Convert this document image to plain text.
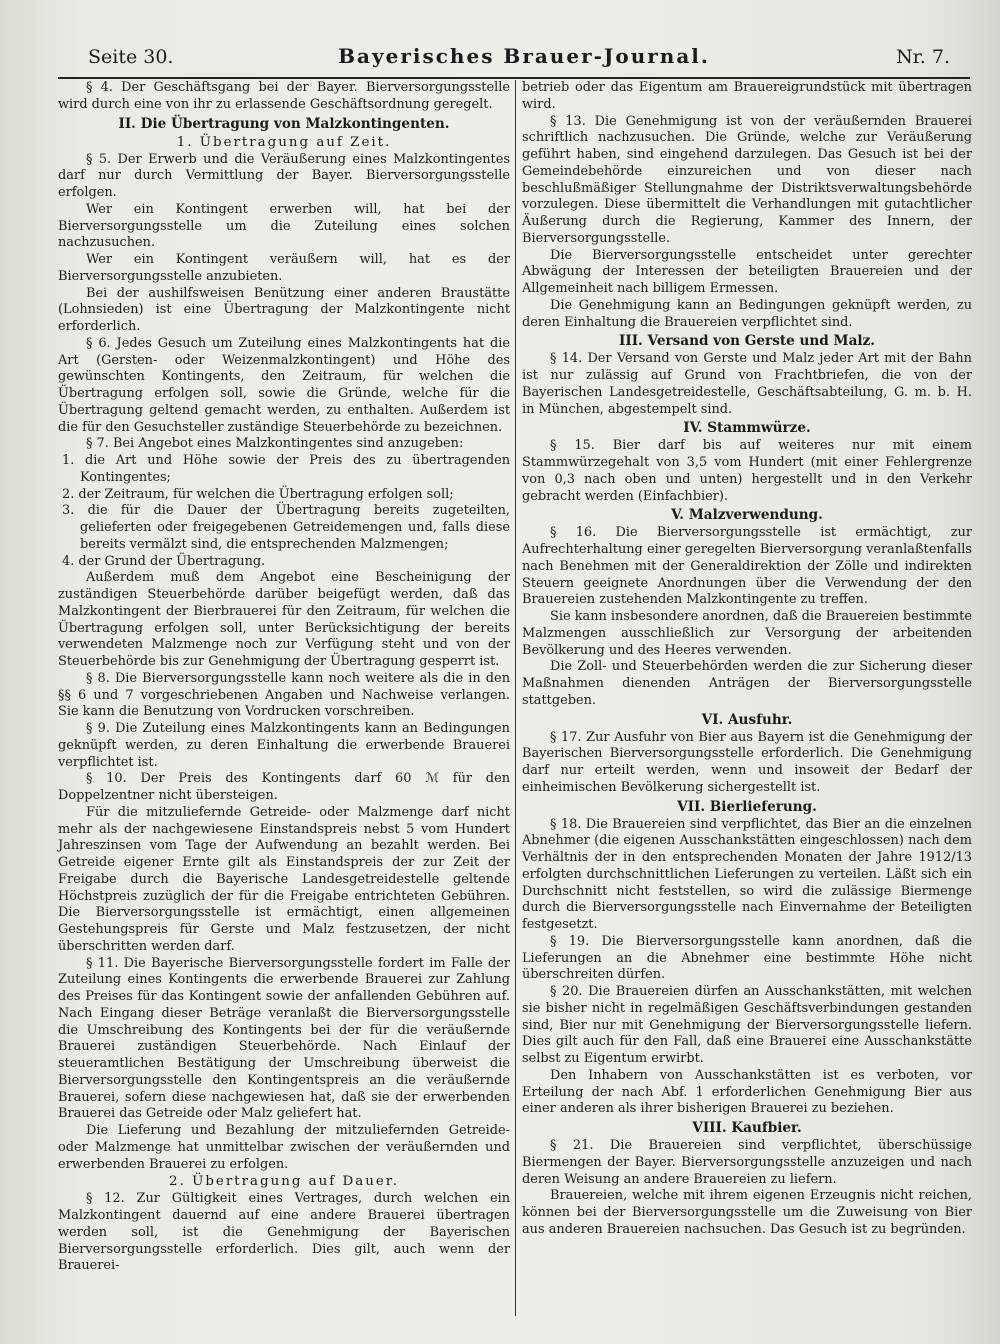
Seite 30.	Bayerisches Brauer-Journal.	Nr. 7.

§ 4. Der Geschäftsgang bei der Bayer. Bierversorgungsstelle wird durch eine von ihr zu erlassende Geschäftsordnung geregelt.

II. Die Übertragung von Malzkontingenten.
1. Übertragung auf Zeit.

§ 5. Der Erwerb und die Veräußerung eines Malzkontingentes darf nur durch Vermittlung der Bayer. Bierversorgungsstelle erfolgen.

Wer ein Kontingent erwerben will, hat bei der Bierversorgungsstelle um die Zuteilung eines solchen nachzusuchen.

Wer ein Kontingent veräußern will, hat es der Bierversorgungsstelle anzubieten.

Bei der aushilfsweisen Benützung einer anderen Braustätte (Lohnsieden) ist eine Übertragung der Malzkontingente nicht erforderlich.

§ 6. Jedes Gesuch um Zuteilung eines Malzkontingents hat die Art (Gersten- oder Weizenmalzkontingent) und Höhe des gewünschten Kontingents, den Zeitraum, für welchen die Übertragung erfolgen soll, sowie die Gründe, welche für die Übertragung geltend gemacht werden, zu enthalten. Außerdem ist die für den Gesuchsteller zuständige Steuerbehörde zu bezeichnen.

§ 7. Bei Angebot eines Malzkontingentes sind anzugeben:

1. die Art und Höhe sowie der Preis des zu übertragenden Kontingentes;
2. der Zeitraum, für welchen die Übertragung erfolgen soll;
3. die für die Dauer der Übertragung bereits zugeteilten, gelieferten oder freigegebenen Getreidemengen und, falls diese bereits vermälzt sind, die entsprechenden Malzmengen;
4. der Grund der Übertragung.

Außerdem muß dem Angebot eine Bescheinigung der zuständigen Steuerbehörde darüber beigefügt werden, daß das Malzkontingent der Bierbrauerei für den Zeitraum, für welchen die Übertragung erfolgen soll, unter Berücksichtigung der bereits verwendeten Malzmenge noch zur Verfügung steht und von der Steuerbehörde bis zur Genehmigung der Übertragung gesperrt ist.

§ 8. Die Bierversorgungsstelle kann noch weitere als die in den §§ 6 und 7 vorgeschriebenen Angaben und Nachweise verlangen. Sie kann die Benutzung von Vordrucken vorschreiben.

§ 9. Die Zuteilung eines Malzkontingents kann an Bedingungen geknüpft werden, zu deren Einhaltung die erwerbende Brauerei verpflichtet ist.

§ 10. Der Preis des Kontingents darf 60 ℳ für den Doppelzentner nicht übersteigen.

Für die mitzuliefernde Getreide- oder Malzmenge darf nicht mehr als der nachgewiesene Einstandspreis nebst 5 vom Hundert Jahreszinsen vom Tage der Aufwendung an bezahlt werden. Bei Getreide eigener Ernte gilt als Einstandspreis der zur Zeit der Freigabe durch die Bayerische Landesgetreidestelle geltende Höchstpreis zuzüglich der für die Freigabe entrichteten Gebühren. Die Bierversorgungsstelle ist ermächtigt, einen allgemeinen Gestehungspreis für Gerste und Malz festzusetzen, der nicht überschritten werden darf.

§ 11. Die Bayerische Bierversorgungsstelle fordert im Falle der Zuteilung eines Kontingents die erwerbende Brauerei zur Zahlung des Preises für das Kontingent sowie der anfallenden Gebühren auf. Nach Eingang dieser Beträge veranlaßt die Bierversorgungsstelle die Umschreibung des Kontingents bei der für die veräußernde Brauerei zuständigen Steuerbehörde. Nach Einlauf der steueramtlichen Bestätigung der Umschreibung überweist die Bierversorgungsstelle den Kontingentspreis an die veräußernde Brauerei, sofern diese nachgewiesen hat, daß sie der erwerbenden Brauerei das Getreide oder Malz geliefert hat.

Die Lieferung und Bezahlung der mitzuliefernden Getreide- oder Malzmenge hat unmittelbar zwischen der veräußernden und erwerbenden Brauerei zu erfolgen.

2. Übertragung auf Dauer.

§ 12. Zur Gültigkeit eines Vertrages, durch welchen ein Malzkontingent dauernd auf eine andere Brauerei übertragen werden soll, ist die Genehmigung der Bayerischen Bierversorgungsstelle erforderlich. Dies gilt, auch wenn der Brauerei-

betrieb oder das Eigentum am Brauereigrundstück mit übertragen wird.

§ 13. Die Genehmigung ist von der veräußernden Brauerei schriftlich nachzusuchen. Die Gründe, welche zur Veräußerung geführt haben, sind eingehend darzulegen. Das Gesuch ist bei der Gemeindebehörde einzureichen und von dieser nach beschlußmäßiger Stellungnahme der Distriktsverwaltungsbehörde vorzulegen. Diese übermittelt die Verhandlungen mit gutachtlicher Äußerung durch die Regierung, Kammer des Innern, der Bierversorgungsstelle.

Die Bierversorgungsstelle entscheidet unter gerechter Abwägung der Interessen der beteiligten Brauereien und der Allgemeinheit nach billigem Ermessen.

Die Genehmigung kann an Bedingungen geknüpft werden, zu deren Einhaltung die Brauereien verpflichtet sind.

III. Versand von Gerste und Malz.

§ 14. Der Versand von Gerste und Malz jeder Art mit der Bahn ist nur zulässig auf Grund von Frachtbriefen, die von der Bayerischen Landesgetreidestelle, Geschäftsabteilung, G. m. b. H. in München, abgestempelt sind.

IV. Stammwürze.

§ 15. Bier darf bis auf weiteres nur mit einem Stammwürzegehalt von 3,5 vom Hundert (mit einer Fehlergrenze von 0,3 nach oben und unten) hergestellt und in den Verkehr gebracht werden (Einfachbier).

V. Malzverwendung.

§ 16. Die Bierversorgungsstelle ist ermächtigt, zur Aufrechterhaltung einer geregelten Bierversorgung veranlaßtenfalls nach Benehmen mit der Generaldirektion der Zölle und indirekten Steuern geeignete Anordnungen über die Verwendung der den Brauereien zustehenden Malzkontingente zu treffen.

Sie kann insbesondere anordnen, daß die Brauereien bestimmte Malzmengen ausschließlich zur Versorgung der arbeitenden Bevölkerung und des Heeres verwenden.

Die Zoll- und Steuerbehörden werden die zur Sicherung dieser Maßnahmen dienenden Anträgen der Bierversorgungsstelle stattgeben.

VI. Ausfuhr.

§ 17. Zur Ausfuhr von Bier aus Bayern ist die Genehmigung der Bayerischen Bierversorgungsstelle erforderlich. Die Genehmigung darf nur erteilt werden, wenn und insoweit der Bedarf der einheimischen Bevölkerung sichergestellt ist.

VII. Bierlieferung.

§ 18. Die Brauereien sind verpflichtet, das Bier an die einzelnen Abnehmer (die eigenen Ausschankstätten eingeschlossen) nach dem Verhältnis der in den entsprechenden Monaten der Jahre 1912/13 erfolgten durchschnittlichen Lieferungen zu verteilen. Läßt sich ein Durchschnitt nicht feststellen, so wird die zulässige Biermenge durch die Bierversorgungsstelle nach Einvernahme der Beteiligten festgesetzt.

§ 19. Die Bierversorgungsstelle kann anordnen, daß die Lieferungen an die Abnehmer eine bestimmte Höhe nicht überschreiten dürfen.

§ 20. Die Brauereien dürfen an Ausschankstätten, mit welchen sie bisher nicht in regelmäßigen Geschäftsverbindungen gestanden sind, Bier nur mit Genehmigung der Bierversorgungsstelle liefern. Dies gilt auch für den Fall, daß eine Brauerei eine Ausschankstätte selbst zu Eigentum erwirbt.

Den Inhabern von Ausschankstätten ist es verboten, vor Erteilung der nach Abf. 1 erforderlichen Genehmigung Bier aus einer anderen als ihrer bisherigen Brauerei zu beziehen.

VIII. Kaufbier.

§ 21. Die Brauereien sind verpflichtet, überschüssige Biermengen der Bayer. Bierversorgungsstelle anzuzeigen und nach deren Weisung an andere Brauereien zu liefern.

Brauereien, welche mit ihrem eigenen Erzeugnis nicht reichen, können bei der Bierversorgungsstelle um die Zuweisung von Bier aus anderen Brauereien nachsuchen. Das Gesuch ist zu begründen.
